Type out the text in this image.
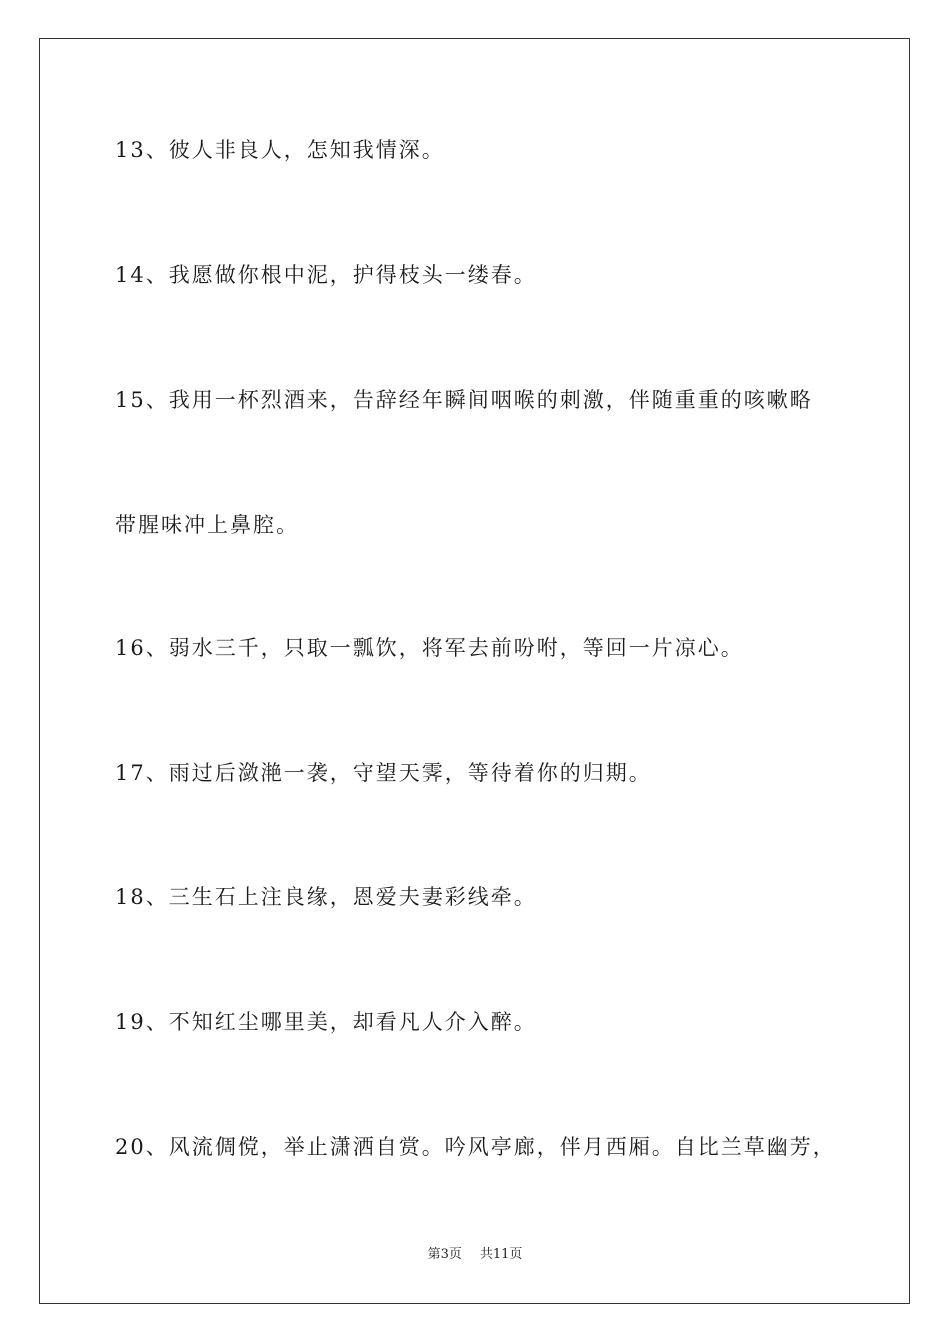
13、彼人非良人，怎知我情深。
14、我愿做你根中泥，护得枝头一缕春。
15、我用一杯烈酒来，告辞经年瞬间咽喉的刺激，伴随重重的咳嗽略
带腥味冲上鼻腔。
16、弱水三千，只取一瓢饮，将军去前吩咐，等回一片凉心。
17、雨过后潋滟一袭，守望天霁，等待着你的归期。
18、三生石上注良缘，恩爱夫妻彩线牵。
19、不知红尘哪里美，却看凡人介入醉。
20、风流倜傥，举止潇洒自赏。吟风亭廊，伴月西厢。自比兰草幽芳，
第3页 共11页
